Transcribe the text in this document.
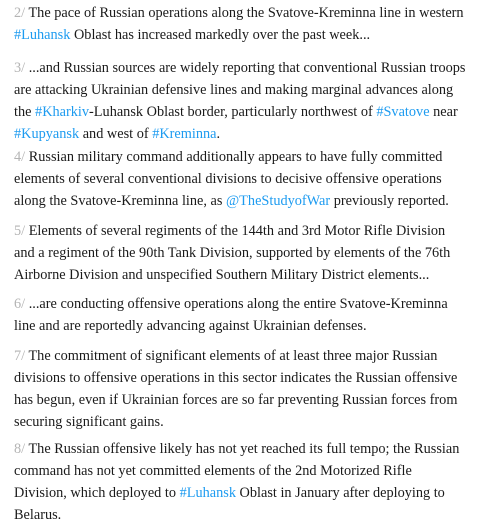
2/ The pace of Russian operations along the Svatove-Kreminna line in western #Luhansk Oblast has increased markedly over the past week...

3/ ...and Russian sources are widely reporting that conventional Russian troops are attacking Ukrainian defensive lines and making marginal advances along the #Kharkiv-Luhansk Oblast border, particularly northwest of #Svatove near #Kupyansk and west of #Kreminna.

4/ Russian military command additionally appears to have fully committed elements of several conventional divisions to decisive offensive operations along the Svatove-Kreminna line, as @TheStudyofWar previously reported.

5/ Elements of several regiments of the 144th and 3rd Motor Rifle Division and a regiment of the 90th Tank Division, supported by elements of the 76th Airborne Division and unspecified Southern Military District elements...

6/ ...are conducting offensive operations along the entire Svatove-Kreminna line and are reportedly advancing against Ukrainian defenses.

7/ The commitment of significant elements of at least three major Russian divisions to offensive operations in this sector indicates the Russian offensive has begun, even if Ukrainian forces are so far preventing Russian forces from securing significant gains.

8/ The Russian offensive likely has not yet reached its full tempo; the Russian command has not yet committed elements of the 2nd Motorized Rifle Division, which deployed to #Luhansk Oblast in January after deploying to Belarus.
